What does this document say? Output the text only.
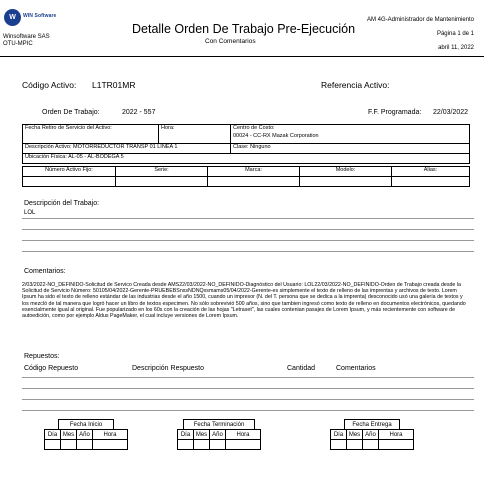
W	WIN Software
Winsoftware SAS
OTU-MPIC
Detalle Orden De Trabajo Pre-Ejecución
Con Comentarios
AM 4G-Administrador de Mantenimiento
Página 1 de 1
abril 11, 2022
Código Activo: L1TR01MR	Referencia Activo:
Orden De Trabajo:	2022 - 557	F.F. Programada: 22/03/2022
Fecha Retiro de Servicio del Activo:	Hora:	Centro de Costo:
00024 - CC-RX Mazak Corporation

Descripción Activo: MOTORREDUCTOR TRANSP 01 LINEA 1		Clase: Ninguno
Ubicación Física: AL-05 - AL-BODEGA 5		
Número Activo Fijo:	Serie:	Marca:	Modelo:	Alias:

Descripción del Trabajo:
LOL
Comentarios:
2/03/2022-NO_DEFINIDO-Solicitud de Servico Creada desde AMS22/03/2022-NO_DEFINIDO-Diagnóstico del Usuario: LOL22/03/2022-NO_DEFINIDO-Orden de Trabajo creada desde la Solicitud de Servicio Número: 50105/04/2022-Gerente-PRUEBEBSnxsNDNQxsmams05/04/2022-Gerente-es simplemente el texto de relleno de las imprentas y archivos de texto. Lorem Ipsum ha sido el texto de relleno estándar de las industrias desde el año 1500, cuando un impresor (N. del T. persona que se dedica a la imprenta) desconocido usó una galería de textos y los mezcló de tal manera que logró hacer un libro de textos especimen. No sólo sobrevivió 500 años, sino que tambien ingresó como texto de relleno en documentos electrónicos, quedando esencialmente igual al original. Fue popularizado en los 60s con la creación de las hojas "Letraset", las cuales contenian pasajes de Lorem Ipsum, y más recientemente con software de autoedición, como por ejemplo Aldus PageMaker, el cual incluye versiones de Lorem Ipsum.
Repuestos:
Código Repuesto	Descripción Respuesto	Cantidad	Comentarios
Fecha Inicio
Día	Mes	Año	Hora

Fecha Terminación
Día	Mes	Año	Hora

Fecha Entrega
Día	Mes	Año	Hora
